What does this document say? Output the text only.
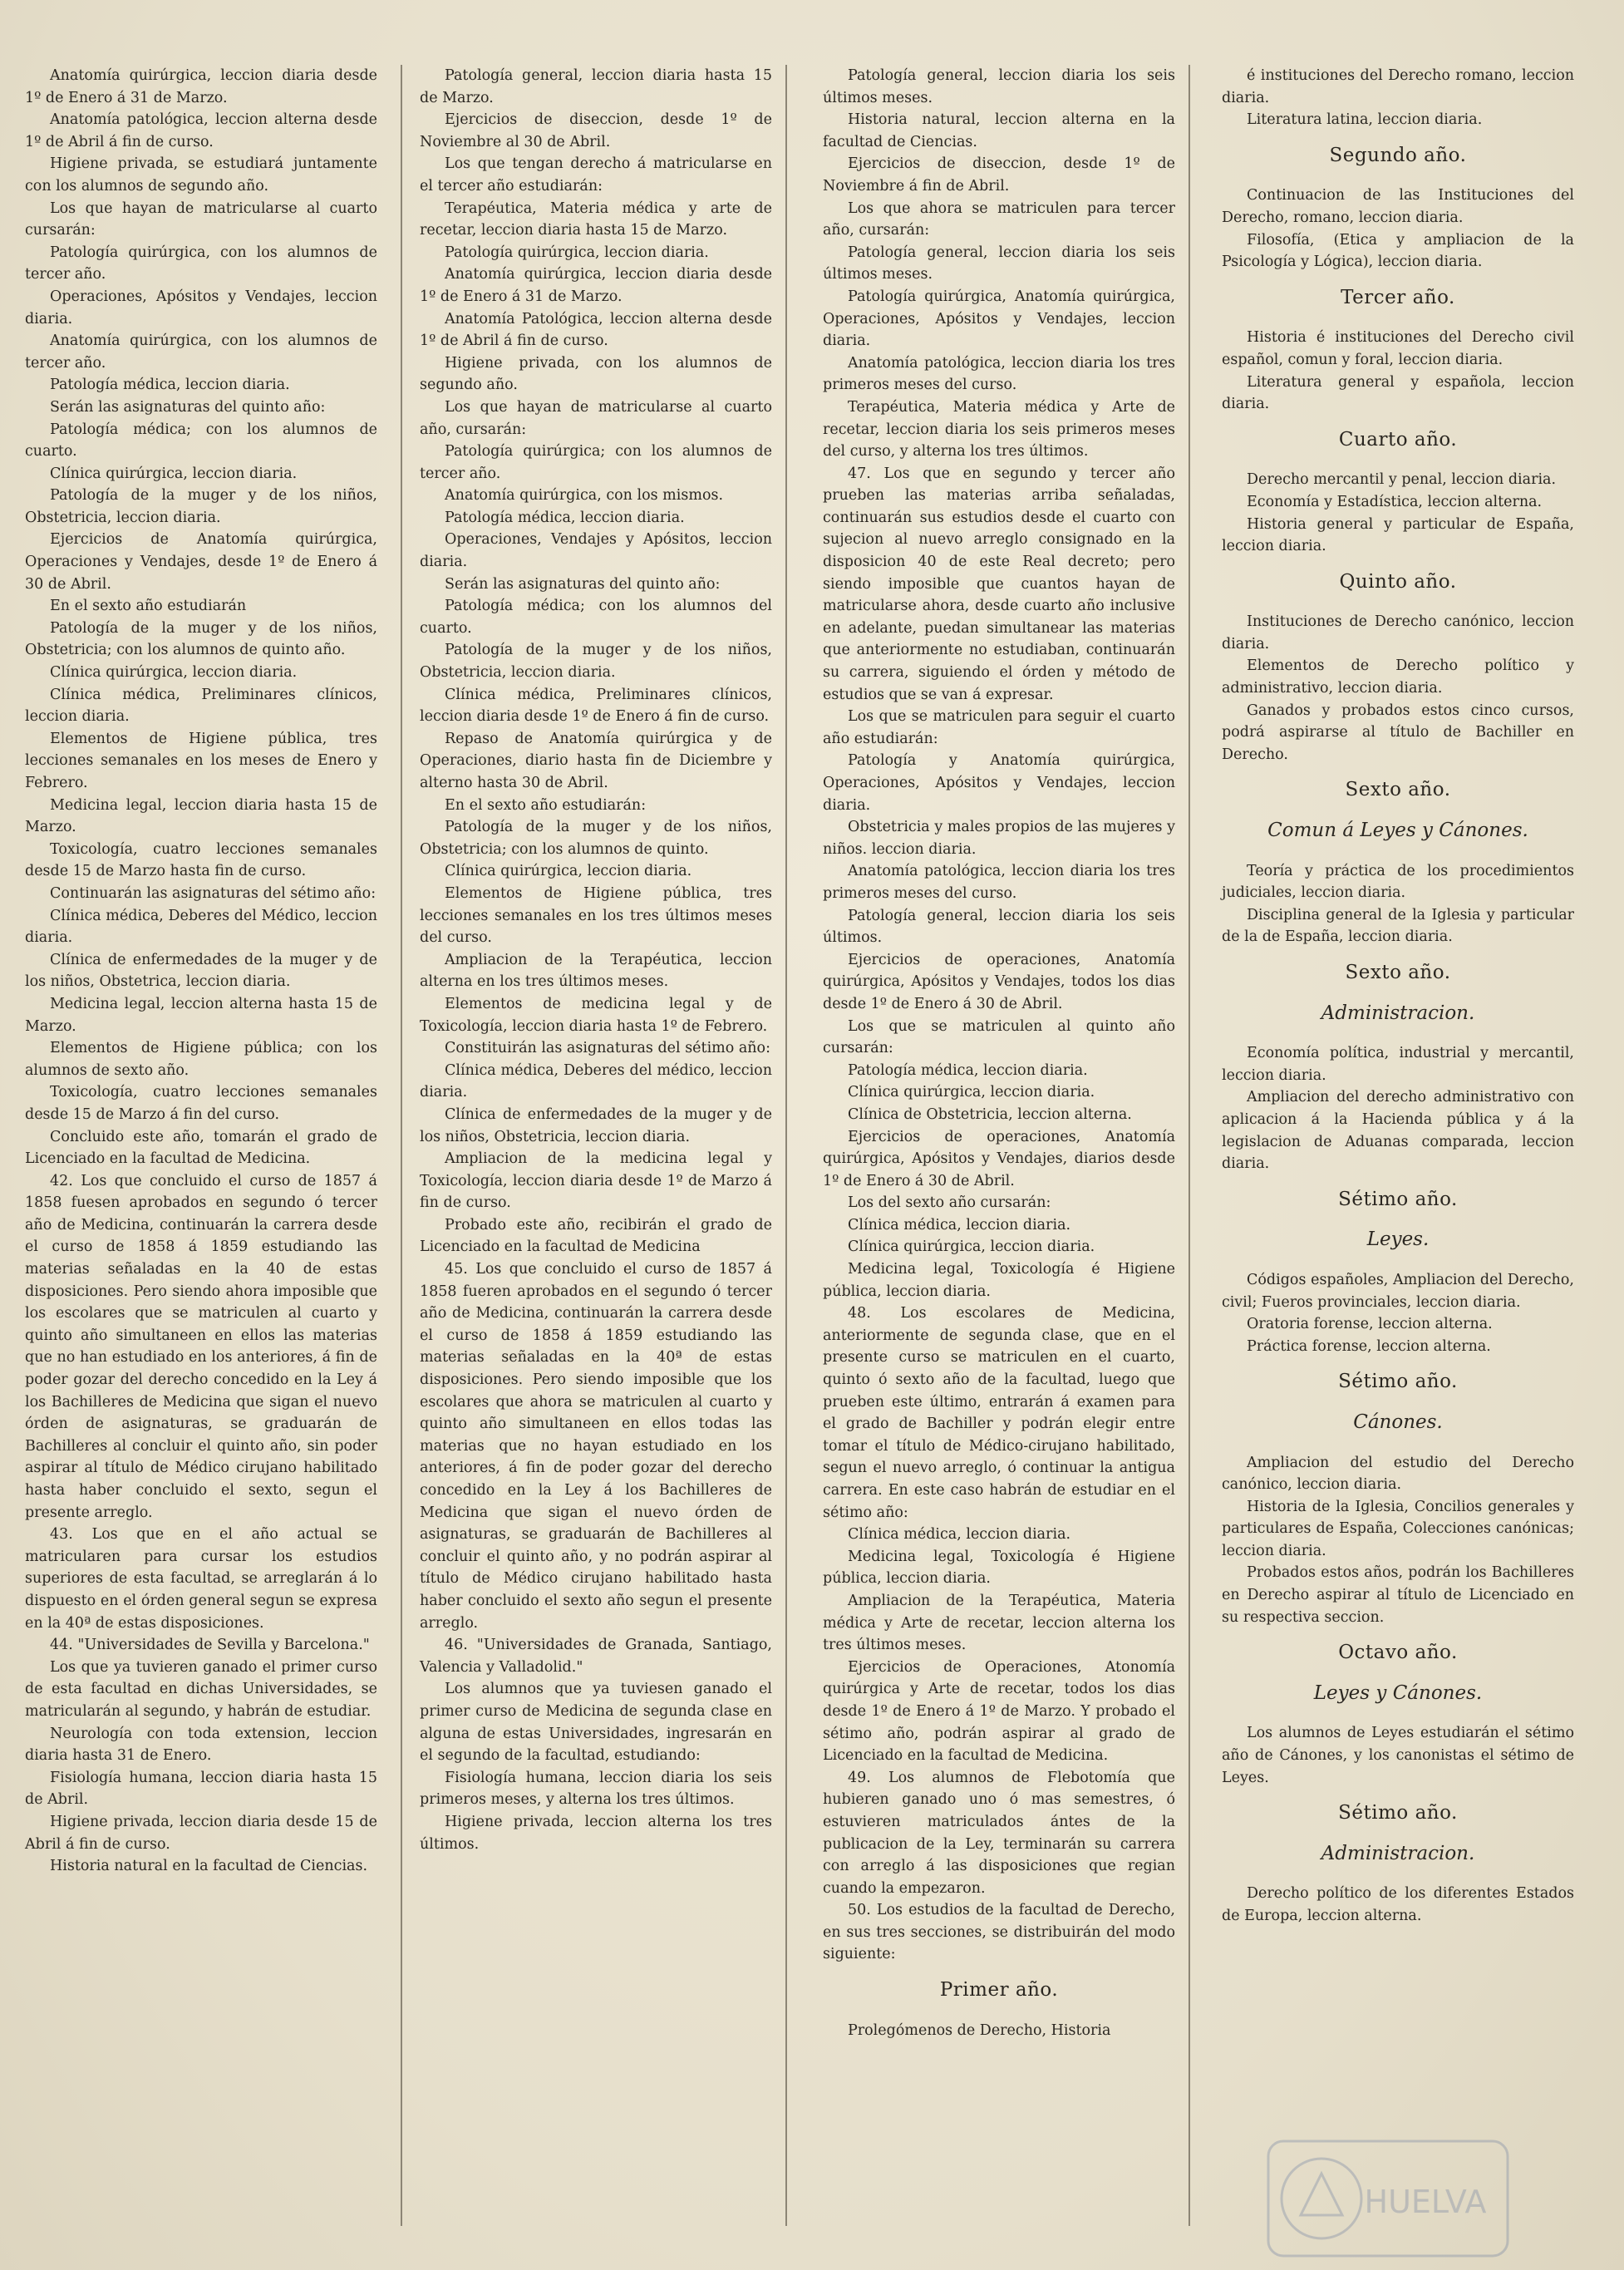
Anatomía quirúrgica, leccion diaria desde 1º de Enero á 31 de Marzo.

Anatomía patológica, leccion alterna desde 1º de Abril á fin de curso.

Higiene privada, se estudiará juntamente con los alumnos de segundo año.

Los que hayan de matricularse al cuarto cursarán:

Patología quirúrgica, con los alumnos de tercer año.

Operaciones, Apósitos y Vendajes, leccion diaria.

Anatomía quirúrgica, con los alumnos de tercer año.

Patología médica, leccion diaria.

Serán las asignaturas del quinto año:

Patología médica; con los alumnos de cuarto.

Clínica quirúrgica, leccion diaria.

Patología de la muger y de los niños, Obstetricia, leccion diaria.

Ejercicios de Anatomía quirúrgica, Operaciones y Vendajes, desde 1º de Enero á 30 de Abril.

En el sexto año estudiarán

Patología de la muger y de los niños, Obstetricia; con los alumnos de quinto año.

Clínica quirúrgica, leccion diaria.

Clínica médica, Preliminares clínicos, leccion diaria.

Elementos de Higiene pública, tres lecciones semanales en los meses de Enero y Febrero.

Medicina legal, leccion diaria hasta 15 de Marzo.

Toxicología, cuatro lecciones semanales desde 15 de Marzo hasta fin de curso.

Continuarán las asignaturas del sétimo año:

Clínica médica, Deberes del Médico, leccion diaria.

Clínica de enfermedades de la muger y de los niños, Obstetrica, leccion diaria.

Medicina legal, leccion alterna hasta 15 de Marzo.

Elementos de Higiene pública; con los alumnos de sexto año.

Toxicología, cuatro lecciones semanales desde 15 de Marzo á fin del curso.

Concluido este año, tomarán el grado de Licenciado en la facultad de Medicina.

42. Los que concluido el curso de 1857 á 1858 fuesen aprobados en segundo ó tercer año de Medicina, continuarán la carrera desde el curso de 1858 á 1859 estudiando las materias señaladas en la 40 de estas disposiciones. Pero siendo ahora imposible que los escolares que se matriculen al cuarto y quinto año simultaneen en ellos las materias que no han estudiado en los anteriores, á fin de poder gozar del derecho concedido en la Ley á los Bachilleres de Medicina que sigan el nuevo órden de asignaturas, se graduarán de Bachilleres al concluir el quinto año, sin poder aspirar al título de Médico cirujano habilitado hasta haber concluido el sexto, segun el presente arreglo.

43. Los que en el año actual se matricularen para cursar los estudios superiores de esta facultad, se arreglarán á lo dispuesto en el órden general segun se expresa en la 40ª de estas disposiciones.

44. "Universidades de Sevilla y Barcelona."

Los que ya tuvieren ganado el primer curso de esta facultad en dichas Universidades, se matricularán al segundo, y habrán de estudiar.

Neurología con toda extension, leccion diaria hasta 31 de Enero.

Fisiología humana, leccion diaria hasta 15 de Abril.

Higiene privada, leccion diaria desde 15 de Abril á fin de curso.

Historia natural en la facultad de Ciencias.

Patología general, leccion diaria hasta 15 de Marzo.

Ejercicios de diseccion, desde 1º de Noviembre al 30 de Abril.

Los que tengan derecho á matricularse en el tercer año estudiarán:

Terapéutica, Materia médica y arte de recetar, leccion diaria hasta 15 de Marzo.

Patología quirúrgica, leccion diaria.

Anatomía quirúrgica, leccion diaria desde 1º de Enero á 31 de Marzo.

Anatomía Patológica, leccion alterna desde 1º de Abril á fin de curso.

Higiene privada, con los alumnos de segundo año.

Los que hayan de matricularse al cuarto año, cursarán:

Patología quirúrgica; con los alumnos de tercer año.

Anatomía quirúrgica, con los mismos.

Patología médica, leccion diaria.

Operaciones, Vendajes y Apósitos, leccion diaria.

Serán las asignaturas del quinto año:

Patología médica; con los alumnos del cuarto.

Patología de la muger y de los niños, Obstetricia, leccion diaria.

Clínica médica, Preliminares clínicos, leccion diaria desde 1º de Enero á fin de curso.

Repaso de Anatomía quirúrgica y de Operaciones, diario hasta fin de Diciembre y alterno hasta 30 de Abril.

En el sexto año estudiarán:

Patología de la muger y de los niños, Obstetricia; con los alumnos de quinto.

Clínica quirúrgica, leccion diaria.

Elementos de Higiene pública, tres lecciones semanales en los tres últimos meses del curso.

Ampliacion de la Terapéutica, leccion alterna en los tres últimos meses.

Elementos de medicina legal y de Toxicología, leccion diaria hasta 1º de Febrero.

Constituirán las asignaturas del sétimo año:

Clínica médica, Deberes del médico, leccion diaria.

Clínica de enfermedades de la muger y de los niños, Obstetricia, leccion diaria.

Ampliacion de la medicina legal y Toxicología, leccion diaria desde 1º de Marzo á fin de curso.

Probado este año, recibirán el grado de Licenciado en la facultad de Medicina

45. Los que concluido el curso de 1857 á 1858 fueren aprobados en el segundo ó tercer año de Medicina, continuarán la carrera desde el curso de 1858 á 1859 estudiando las materias señaladas en la 40ª de estas disposiciones. Pero siendo imposible que los escolares que ahora se matriculen al cuarto y quinto año simultaneen en ellos todas las materias que no hayan estudiado en los anteriores, á fin de poder gozar del derecho concedido en la Ley á los Bachilleres de Medicina que sigan el nuevo órden de asignaturas, se graduarán de Bachilleres al concluir el quinto año, y no podrán aspirar al título de Médico cirujano habilitado hasta haber concluido el sexto año segun el presente arreglo.

46. "Universidades de Granada, Santiago, Valencia y Valladolid."

Los alumnos que ya tuviesen ganado el primer curso de Medicina de segunda clase en alguna de estas Universidades, ingresarán en el segundo de la facultad, estudiando:

Fisiología humana, leccion diaria los seis primeros meses, y alterna los tres últimos.

Higiene privada, leccion alterna los tres últimos.

Patología general, leccion diaria los seis últimos meses.

Historia natural, leccion alterna en la facultad de Ciencias.

Ejercicios de diseccion, desde 1º de Noviembre á fin de Abril.

Los que ahora se matriculen para tercer año, cursarán:

Patología general, leccion diaria los seis últimos meses.

Patología quirúrgica, Anatomía quirúrgica, Operaciones, Apósitos y Vendajes, leccion diaria.

Anatomía patológica, leccion diaria los tres primeros meses del curso.

Terapéutica, Materia médica y Arte de recetar, leccion diaria los seis primeros meses del curso, y alterna los tres últimos.

47. Los que en segundo y tercer año prueben las materias arriba señaladas, continuarán sus estudios desde el cuarto con sujecion al nuevo arreglo consignado en la disposicion 40 de este Real decreto; pero siendo imposible que cuantos hayan de matricularse ahora, desde cuarto año inclusive en adelante, puedan simultanear las materias que anteriormente no estudiaban, continuarán su carrera, siguiendo el órden y método de estudios que se van á expresar.

Los que se matriculen para seguir el cuarto año estudiarán:

Patología y Anatomía quirúrgica, Operaciones, Apósitos y Vendajes, leccion diaria.

Obstetricia y males propios de las mujeres y niños. leccion diaria.

Anatomía patológica, leccion diaria los tres primeros meses del curso.

Patología general, leccion diaria los seis últimos.

Ejercicios de operaciones, Anatomía quirúrgica, Apósitos y Vendajes, todos los dias desde 1º de Enero á 30 de Abril.

Los que se matriculen al quinto año cursarán:

Patología médica, leccion diaria.

Clínica quirúrgica, leccion diaria.

Clínica de Obstetricia, leccion alterna.

Ejercicios de operaciones, Anatomía quirúrgica, Apósitos y Vendajes, diarios desde 1º de Enero á 30 de Abril.

Los del sexto año cursarán:

Clínica médica, leccion diaria.

Clínica quirúrgica, leccion diaria.

Medicina legal, Toxicología é Higiene pública, leccion diaria.

48. Los escolares de Medicina, anteriormente de segunda clase, que en el presente curso se matriculen en el cuarto, quinto ó sexto año de la facultad, luego que prueben este último, entrarán á examen para el grado de Bachiller y podrán elegir entre tomar el título de Médico-cirujano habilitado, segun el nuevo arreglo, ó continuar la antigua carrera. En este caso habrán de estudiar en el sétimo año:

Clínica médica, leccion diaria.

Medicina legal, Toxicología é Higiene pública, leccion diaria.

Ampliacion de la Terapéutica, Materia médica y Arte de recetar, leccion alterna los tres últimos meses.

Ejercicios de Operaciones, Atonomía quirúrgica y Arte de recetar, todos los dias desde 1º de Enero á 1º de Marzo. Y probado el sétimo año, podrán aspirar al grado de Licenciado en la facultad de Medicina.

49. Los alumnos de Flebotomía que hubieren ganado uno ó mas semestres, ó estuvieren matriculados ántes de la publicacion de la Ley, terminarán su carrera con arreglo á las disposiciones que regian cuando la empezaron.

50. Los estudios de la facultad de Derecho, en sus tres secciones, se distribuirán del modo siguiente:

Primer año.

Prolegómenos de Derecho, Historia

é instituciones del Derecho romano, leccion diaria.

Literatura latina, leccion diaria.

Segundo año.

Continuacion de las Instituciones del Derecho, romano, leccion diaria.

Filosofía, (Etica y ampliacion de la Psicología y Lógica), leccion diaria.

Tercer año.

Historia é instituciones del Derecho civil español, comun y foral, leccion diaria.

Literatura general y española, leccion diaria.

Cuarto año.

Derecho mercantil y penal, leccion diaria.

Economía y Estadística, leccion alterna.

Historia general y particular de España, leccion diaria.

Quinto año.

Instituciones de Derecho canónico, leccion diaria.

Elementos de Derecho político y administrativo, leccion diaria.

Ganados y probados estos cinco cursos, podrá aspirarse al título de Bachiller en Derecho.

Sexto año.
Comun á Leyes y Cánones.

Teoría y práctica de los procedimientos judiciales, leccion diaria.

Disciplina general de la Iglesia y particular de la de España, leccion diaria.

Sexto año.
Administracion.

Economía política, industrial y mercantil, leccion diaria.

Ampliacion del derecho administrativo con aplicacion á la Hacienda pública y á la legislacion de Aduanas comparada, leccion diaria.

Sétimo año.
Leyes.

Códigos españoles, Ampliacion del Derecho, civil; Fueros provinciales, leccion diaria.

Oratoria forense, leccion alterna.

Práctica forense, leccion alterna.

Sétimo año.
Cánones.

Ampliacion del estudio del Derecho canónico, leccion diaria.

Historia de la Iglesia, Concilios generales y particulares de España, Colecciones canónicas; leccion diaria.

Probados estos años, podrán los Bachilleres en Derecho aspirar al título de Licenciado en su respectiva seccion.

Octavo año.
Leyes y Cánones.

Los alumnos de Leyes estudiarán el sétimo año de Cánones, y los canonistas el sétimo de Leyes.

Sétimo año.
Administracion.

Derecho político de los diferentes Estados de Europa, leccion alterna.

HUELVA
